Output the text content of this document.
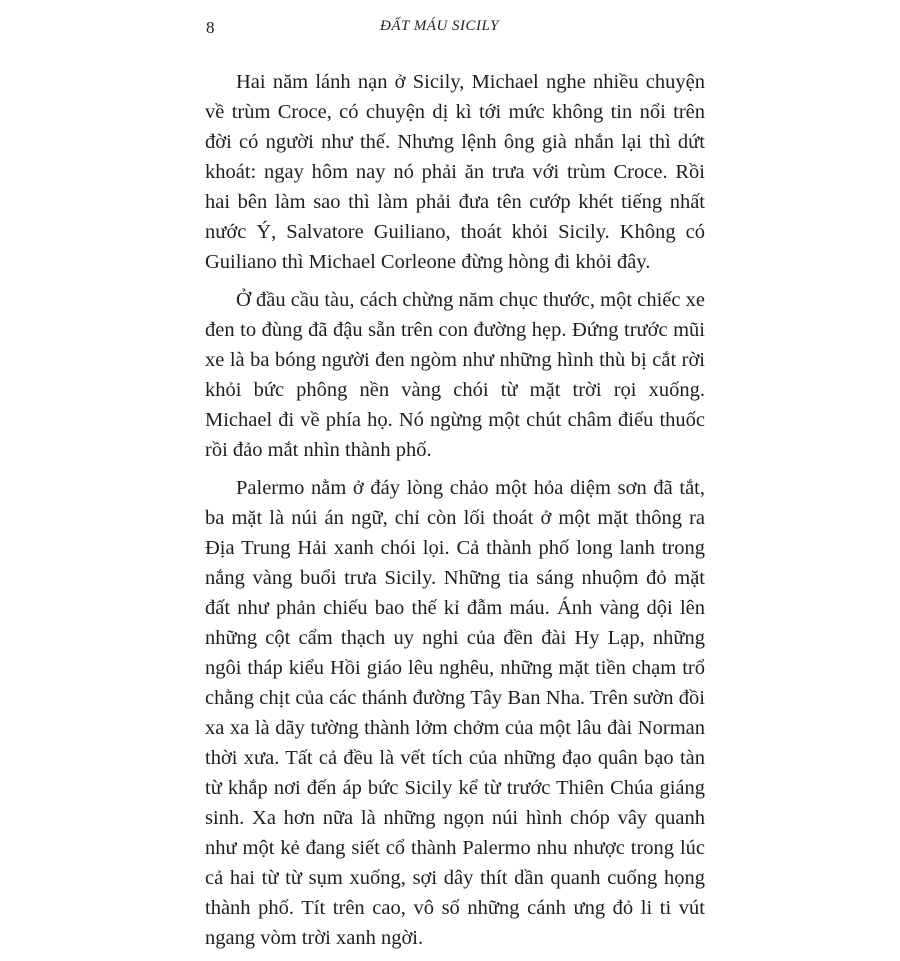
8	ĐẤT MÁU SICILY

Hai năm lánh nạn ở Sicily, Michael nghe nhiều chuyện về trùm Croce, có chuyện dị kì tới mức không tin nổi trên đời có người như thế. Nhưng lệnh ông già nhắn lại thì dứt khoát: ngay hôm nay nó phải ăn trưa với trùm Croce. Rồi hai bên làm sao thì làm phải đưa tên cướp khét tiếng nhất nước Ý, Salvatore Guiliano, thoát khỏi Sicily. Không có Guiliano thì Michael Corleone đừng hòng đi khỏi đây.

Ở đầu cầu tàu, cách chừng năm chục thước, một chiếc xe đen to đùng đã đậu sẵn trên con đường hẹp. Đứng trước mũi xe là ba bóng người đen ngòm như những hình thù bị cắt rời khỏi bức phông nền vàng chói từ mặt trời rọi xuống. Michael đi về phía họ. Nó ngừng một chút châm điếu thuốc rồi đảo mắt nhìn thành phố.

Palermo nằm ở đáy lòng chảo một hỏa diệm sơn đã tắt, ba mặt là núi án ngữ, chỉ còn lối thoát ở một mặt thông ra Địa Trung Hải xanh chói lọi. Cả thành phố long lanh trong nắng vàng buổi trưa Sicily. Những tia sáng nhuộm đỏ mặt đất như phản chiếu bao thế kỉ đẫm máu. Ánh vàng dội lên những cột cẩm thạch uy nghi của đền đài Hy Lạp, những ngôi tháp kiểu Hồi giáo lêu nghêu, những mặt tiền chạm trổ chằng chịt của các thánh đường Tây Ban Nha. Trên sườn đồi xa xa là dãy tường thành lởm chởm của một lâu đài Norman thời xưa. Tất cả đều là vết tích của những đạo quân bạo tàn từ khắp nơi đến áp bức Sicily kể từ trước Thiên Chúa giáng sinh. Xa hơn nữa là những ngọn núi hình chóp vây quanh như một kẻ đang siết cổ thành Palermo nhu nhược trong lúc cả hai từ từ sụm xuống, sợi dây thít dần quanh cuống họng thành phố. Tít trên cao, vô số những cánh ưng đỏ li ti vút ngang vòm trời xanh ngời.
